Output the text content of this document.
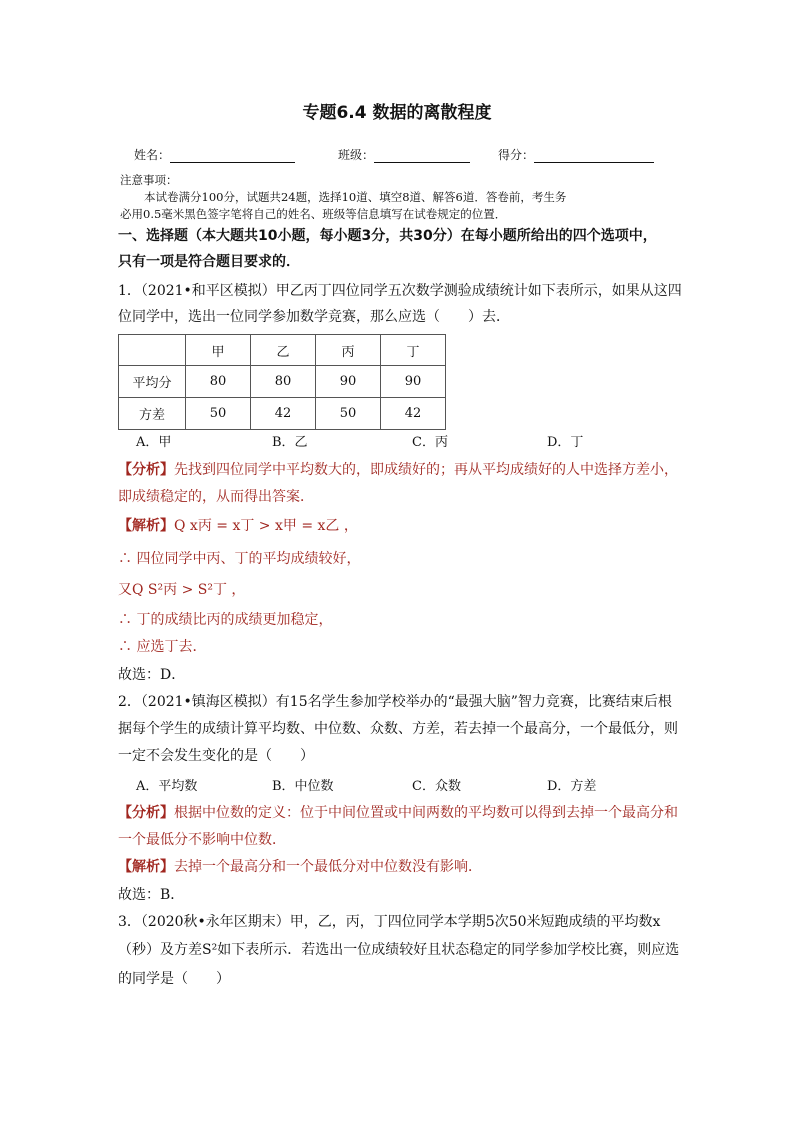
专题6.4 数据的离散程度
姓名：	班级：	得分：
注意事项：
本试卷满分100分，试题共24题，选择10道、填空8道、解答6道．答卷前，考生务
必用0.5毫米黑色签字笔将自己的姓名、班级等信息填写在试卷规定的位置．
一、选择题（本大题共10小题，每小题3分，共30分）在每小题所给出的四个选项中，
只有一项是符合题目要求的．
1．（2021•和平区模拟）甲乙丙丁四位同学五次数学测验成绩统计如下表所示，如果从这四
位同学中，选出一位同学参加数学竞赛，那么应选（　　）去．
	甲	乙	丙	丁
平均分	80	80	90	90
方差	50	42	50	42
A．甲	B．乙	C．丙	D．丁
【分析】先找到四位同学中平均数大的，即成绩好的；再从平均成绩好的人中选择方差小，
即成绩稳定的，从而得出答案．
【解析】Q x丙 = x丁 > x甲 = x乙 ，
∴ 四位同学中丙、丁的平均成绩较好，
又Q S²丙 > S²丁 ，
∴ 丁的成绩比丙的成绩更加稳定，
∴ 应选丁去．
故选：D．
2．（2021•镇海区模拟）有15名学生参加学校举办的“最强大脑”智力竞赛，比赛结束后根
据每个学生的成绩计算平均数、中位数、众数、方差，若去掉一个最高分，一个最低分，则
一定不会发生变化的是（　　）
A．平均数	B．中位数	C．众数	D．方差
【分析】根据中位数的定义：位于中间位置或中间两数的平均数可以得到去掉一个最高分和
一个最低分不影响中位数．
【解析】去掉一个最高分和一个最低分对中位数没有影响．
故选：B．
3．（2020秋•永年区期末）甲，乙，丙，丁四位同学本学期5次50米短跑成绩的平均数x
（秒）及方差S²如下表所示．若选出一位成绩较好且状态稳定的同学参加学校比赛，则应选
的同学是（　　）
